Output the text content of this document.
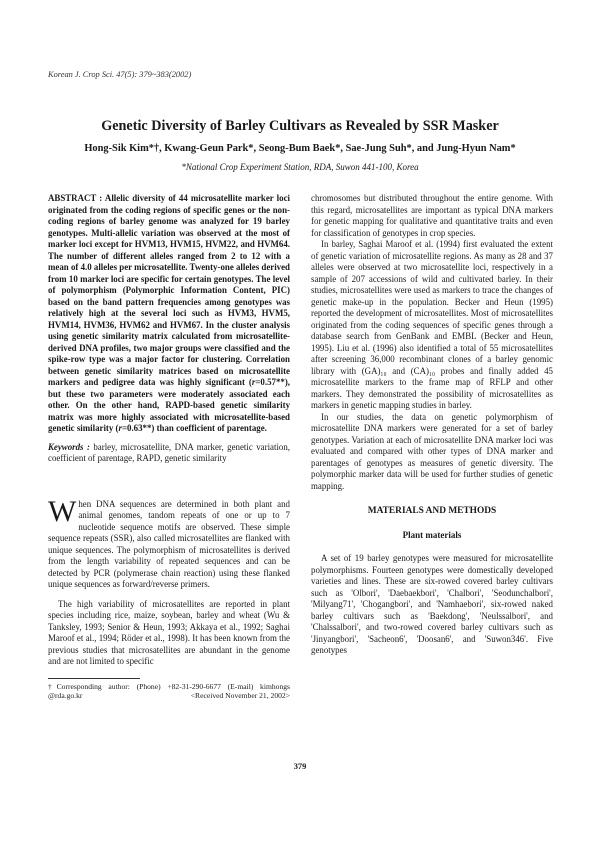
Korean J. Crop Sci. 47(5): 379~383(2002)
Genetic Diversity of Barley Cultivars as Revealed by SSR Masker
Hong-Sik Kim*†, Kwang-Geun Park*, Seong-Bum Baek*, Sae-Jung Suh*, and Jung-Hyun Nam*
*National Crop Experiment Station, RDA, Suwon 441-100, Korea

ABSTRACT : Allelic diversity of 44 microsatellite marker loci originated from the coding regions of specific genes or the non-coding regions of barley genome was analyzed for 19 barley genotypes. Multi-allelic variation was observed at the most of marker loci except for HVM13, HVM15, HVM22, and HVM64. The number of different alleles ranged from 2 to 12 with a mean of 4.0 alleles per microsatellite. Twenty-one alleles derived from 10 marker loci are specific for certain genotypes. The level of polymorphism (Polymorphic Information Content, PIC) based on the band pattern frequencies among genotypes was relatively high at the several loci such as HVM3, HVM5, HVM14, HVM36, HVM62 and HVM67. In the cluster analysis using genetic similarity matrix calculated from microsatellite-derived DNA profiles, two major groups were classified and the spike-row type was a major factor for clustering. Correlation between genetic similarity matrices based on microsatellite markers and pedigree data was highly significant (r=0.57**), but these two parameters were moderately associated each other. On the other hand, RAPD-based genetic similarity matrix was more highly associated with microsatellite-based genetic similarity (r=0.63**) than coefficient of parentage.

Keywords : barley, microsatellite, DNA marker, genetic variation, coefficient of parentage, RAPD, genetic similarity

When DNA sequences are determined in both plant and animal genomes, tandom repeats of one or up to 7 nucleotide sequence motifs are observed. These simple sequence repeats (SSR), also called microsatellites are flanked with unique sequences. The polymorphism of microsatellites is derived from the length variability of repeated sequences and can be detected by PCR (polymerase chain reaction) using these flanked unique sequences as forward/reverse primers.

The high variability of microsatellites are reported in plant species including rice, maize, soybean, barley and wheat (Wu & Tanksley, 1993; Senior & Heun, 1993; Akkaya et al., 1992; Saghai Maroof et al., 1994; Röder et al., 1998). It has been known from the previous studies that microsatellites are abundant in the genome and are not limited to specific

†Corresponding author: (Phone) +82-31-290-6677 (E-mail) kimhongs @rda.go.kr	<Received November 21, 2002>

chromosomes but distributed throughout the entire genome. With this regard, microsatellites are important as typical DNA markers for genetic mapping for qualitative and quantitative traits and even for classification of genotypes in crop species.

In barley, Saghai Maroof et al. (1994) first evaluated the extent of genetic variation of microsatellite regions. As many as 28 and 37 alleles were observed at two microsatellite loci, respectively in a sample of 207 accessions of wild and cultivated barley. In their studies, microsatellites were used as markers to trace the changes of genetic make-up in the population. Becker and Heun (1995) reported the development of microsatellites. Most of microsatellites originated from the coding sequences of specific genes through a database search from GenBank and EMBL (Becker and Heun, 1995). Liu et al. (1996) also identified a total of 55 microsatellites after screening 36,000 recombinant clones of a barley genomic library with (GA)₁₀ and (CA)₁₀ probes and finally added 45 microsatellite markers to the frame map of RFLP and other markers. They demonstrated the possibility of microsatellites as markers in genetic mapping studies in barley.

In our studies, the data on genetic polymorphism of microsatellite DNA markers were generated for a set of barley genotypes. Variation at each of microsatellite DNA marker loci was evaluated and compared with other types of DNA marker and parentages of genotypes as measures of genetic diversity. The polymorphic marker data will be used for further studies of genetic mapping.

MATERIALS AND METHODS
Plant materials

A set of 19 barley genotypes were measured for microsatellite polymorphisms. Fourteen genotypes were domestically developed varieties and lines. These are six-rowed covered barley cultivars such as 'Olbori', 'Daebaekbori', 'Chalbori', 'Seodunchalbori', 'Milyang71', 'Chogangbori', and 'Namhaebori', six-rowed naked barley cultivars such as 'Baekdong', 'Neulssalbori', and 'Chalssalbori', and two-rowed covered barley cultivars such as 'Jinyangbori', 'Sacheon6', 'Doosan6', and 'Suwon346'. Five genotypes

379
